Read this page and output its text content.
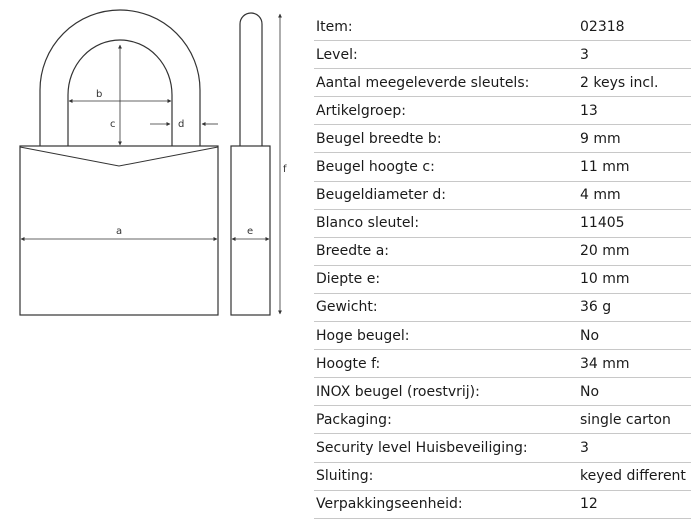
b
c	d
a	e
f
Item:	02318
Level:	3
Aantal meegeleverde sleutels:	2 keys incl.
Artikelgroep:	13
Beugel breedte b:	9 mm
Beugel hoogte c:	11 mm
Beugeldiameter d:	4 mm
Blanco sleutel:	11405
Breedte a:	20 mm
Diepte e:	10 mm
Gewicht:	36 g
Hoge beugel:	No
Hoogte f:	34 mm
INOX beugel (roestvrij):	No
Packaging:	single carton
Security level Huisbeveiliging:	3
Sluiting:	keyed different
Verpakkingseenheid:	12
